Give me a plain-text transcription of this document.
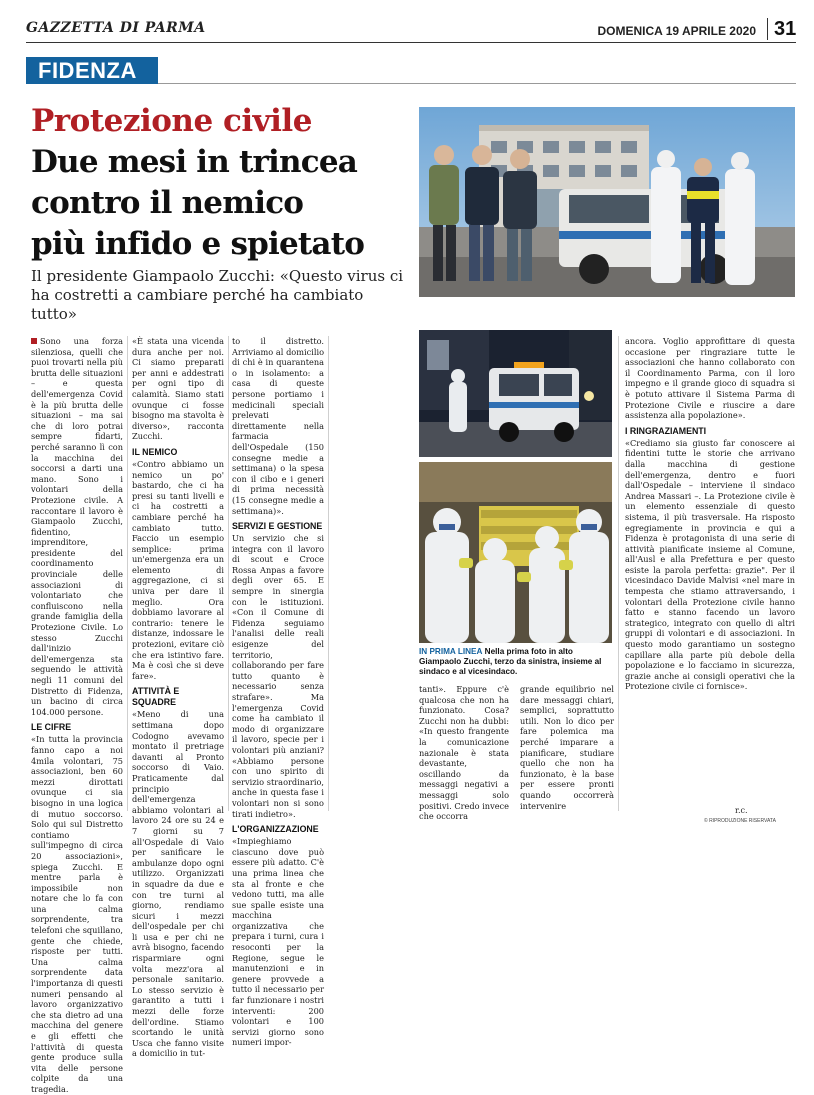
GAZZETTA DI PARMA	DOMENICA 19 APRILE 2020 31
FIDENZA
Protezione civile
Due mesi in trincea
contro il nemico
più infido e spietato
Il presidente Giampaolo Zucchi: «Questo virus ci ha costretti a cambiare perché ha cambiato tutto»
IN PRIMA LINEA Nella prima foto in alto Giampaolo Zucchi, terzo da sinistra, insieme al sindaco e al vicesindaco.

Sono una forza silenziosa, quelli che puoi trovarti nella più brutta delle situazioni – e questa dell'emergenza Covid è la più brutta delle situazioni – ma sai che di loro potrai sempre fidarti, perché saranno lì con la macchina dei soccorsi a darti una mano. Sono i volontari della Protezione civile. A raccontare il lavoro è Giampaolo Zucchi, fidentino, imprenditore, presidente del coordinamento provinciale delle associazioni di volontariato che confluiscono nella grande famiglia della Protezione Civile. Lo stesso Zucchi dall'inizio dell'emergenza sta seguendo le attività negli 11 comuni del Distretto di Fidenza, un bacino di circa 104.000 persone.

LE CIFRE

«In tutta la provincia fanno capo a noi 4mila volontari, 75 associazioni, ben 60 mezzi dirottati ovunque ci sia bisogno in una logica di mutuo soccorso. Solo qui sul Distretto contiamo sull'impegno di circa 20 associazioni», spiega Zucchi. E mentre parla è impossibile non notare che lo fa con una calma sorprendente, tra telefoni che squillano, gente che chiede, risposte per tutti. Una calma sorprendente data l'importanza di questi numeri pensando al lavoro organizzativo che sta dietro ad una macchina del genere e gli effetti che l'attività di questa gente produce sulla vita delle persone colpite da una tragedia.

«È stata una vicenda dura anche per noi. Ci siamo preparati per anni e addestrati per ogni tipo di calamità. Siamo stati ovunque ci fosse bisogno ma stavolta è diverso», racconta Zucchi.

IL NEMICO

«Contro abbiamo un nemico un po' bastardo, che ci ha presi su tanti livelli e ci ha costretti a cambiare perché ha cambiato tutto. Faccio un esempio semplice: prima un'emergenza era un elemento di aggregazione, ci si univa per dare il meglio. Ora dobbiamo lavorare al contrario: tenere le distanze, indossare le protezioni, evitare ciò che era istintivo fare. Ma è così che si deve fare».

ATTIVITÀ E SQUADRE

«Meno di una settimana dopo Codogno avevamo montato il pretriage davanti al Pronto soccorso di Vaio. Praticamente dal principio dell'emergenza abbiamo volontari al lavoro 24 ore su 24 e 7 giorni su 7 all'Ospedale di Vaio per sanificare le ambulanze dopo ogni utilizzo. Organizzati in squadre da due e con tre turni al giorno, rendiamo sicuri i mezzi dell'ospedale per chi li usa e per chi ne avrà bisogno, facendo risparmiare ogni volta mezz'ora al personale sanitario. Lo stesso servizio è garantito a tutti i mezzi delle forze dell'ordine. Stiamo scortando le unità Usca che fanno visite a domicilio in tut-

to il distretto. Arriviamo al domicilio di chi è in quarantena o in isolamento: a casa di queste persone portiamo i medicinali speciali prelevati direttamente nella farmacia dell'Ospedale (150 consegne medie a settimana) o la spesa con il cibo e i generi di prima necessità (15 consegne medie a settimana)».

SERVIZI E GESTIONE

Un servizio che si integra con il lavoro di scout e Croce Rossa Anpas a favore degli over 65. E sempre in sinergia con le istituzioni. «Con il Comune di Fidenza seguiamo l'analisi delle reali esigenze del territorio, collaborando per fare tutto quanto è necessario senza strafare». Ma l'emergenza Covid come ha cambiato il modo di organizzare il lavoro, specie per i volontari più anziani? «Abbiamo persone con uno spirito di servizio straordinario, anche in questa fase i volontari non si sono tirati indietro».

L'ORGANIZZAZIONE

«Impieghiamo ciascuno dove può essere più adatto. C'è una prima linea che sta al fronte e che vedono tutti, ma alle sue spalle esiste una macchina organizzativa che prepara i turni, cura i resoconti per la Regione, segue le manutenzioni e in genere provvede a tutto il necessario per far funzionare i nostri interventi: 200 volontari e 100 servizi giorno sono numeri impor-

tanti». Eppure c'è qualcosa che non ha funzionato. Cosa? Zucchi non ha dubbi: «In questo frangente la comunicazione nazionale è stata devastante, oscillando da messaggi negativi a messaggi solo positivi. Credo invece che occorra

grande equilibrio nel dare messaggi chiari, semplici, soprattutto utili. Non lo dico per fare polemica ma perché imparare a pianificare, studiare quello che non ha funzionato, è la base per essere pronti quando occorrerà intervenire

ancora. Voglio approfittare di questa occasione per ringraziare tutte le associazioni che hanno collaborato con il Coordinamento Parma, con il loro impegno e il grande gioco di squadra si è potuto attivare il Sistema Parma di Protezione Civile e riuscire a dare assistenza alla popolazione».

I RINGRAZIAMENTI

«Crediamo sia giusto far conoscere ai fidentini tutte le storie che arrivano dalla macchina di gestione dell'emergenza, dentro e fuori dall'Ospedale – interviene il sindaco Andrea Massari –. La Protezione civile è un elemento essenziale di questo sistema, il più trasversale. Ha risposto egregiamente in provincia e qui a Fidenza è protagonista di una serie di attività pianificate insieme al Comune, all'Ausl e alla Prefettura e per questo esiste la parola perfetta: grazie". Per il vicesindaco Davide Malvisi «nel mare in tempesta che stiamo attraversando, i volontari della Protezione civile hanno fatto e stanno facendo un lavoro strategico, integrato con quello di altri gruppi di volontari e di associazioni. In questo modo garantiamo un sostegno capillare alla parte più debole della popolazione e lo facciamo in sicurezza, grazie anche ai consigli operativi che la Protezione civile ci fornisce».

r.c.
© RIPRODUZIONE RISERVATA
